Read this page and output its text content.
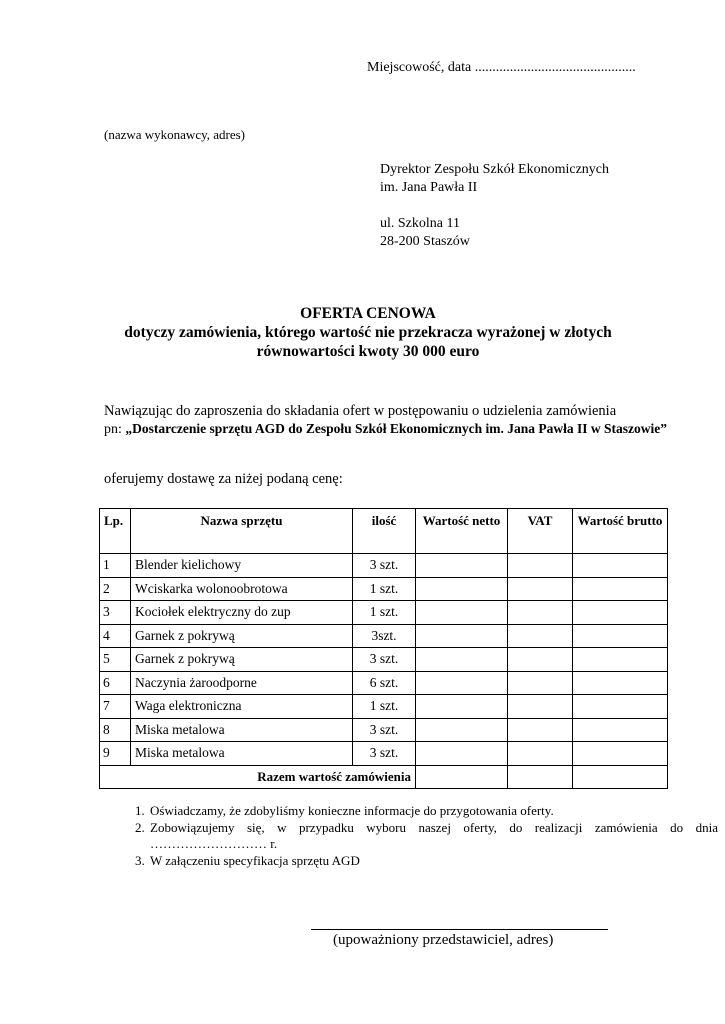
Miejscowość, data ..............................................
(nazwa wykonawcy, adres)
Dyrektor Zespołu Szkół Ekonomicznych
im. Jana Pawła II
ul. Szkolna 11
28-200 Staszów
OFERTA CENOWA
dotyczy zamówienia, którego wartość nie przekracza wyrażonej w złotych
równowartości kwoty 30 000 euro
Nawiązując do zaproszenia do składania ofert w postępowaniu o udzielenia zamówienia
pn: „Dostarczenie sprzętu AGD do Zespołu Szkół Ekonomicznych im. Jana Pawła II w Staszowie”
oferujemy dostawę za niżej podaną cenę:
Lp.	Nazwa sprzętu	ilość	Wartość netto	VAT	Wartość brutto
1	Blender kielichowy	3 szt.			
2	Wciskarka wolonoobrotowa	1 szt.			
3	Kociołek elektryczny do zup	1 szt.			
4	Garnek z pokrywą	3szt.			
5	Garnek z pokrywą	3 szt.			
6	Naczynia żaroodporne	6 szt.			
7	Waga elektroniczna	1 szt.			
8	Miska metalowa	3 szt.			
9	Miska metalowa	3 szt.			
Razem wartość zamówienia					
1. Oświadczamy, że zdobyliśmy konieczne informacje do przygotowania oferty.
2. Zobowiązujemy się, w przypadku wyboru naszej oferty, do realizacji zamówienia do dnia ……………………… r.
3. W załączeniu specyfikacja sprzętu AGD
(upoważniony przedstawiciel, adres)
